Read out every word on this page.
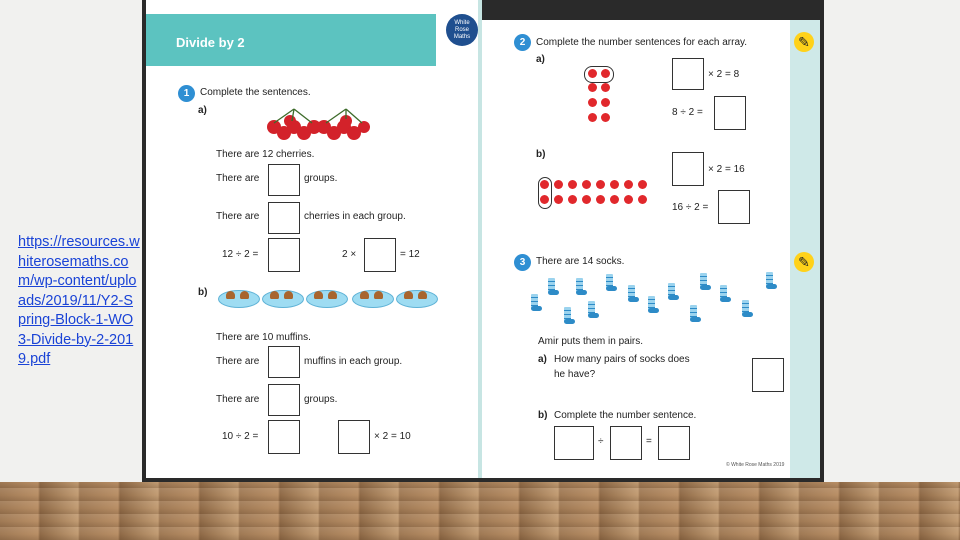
https://resources.whiterosemaths.com/wp-content/uploads/2019/11/Y2-Spring-Block-1-WO3-Divide-by-2-2019.pdf
Divide by 2
White
Rose
Maths
1	Complete the sentences.
a)
There are 12 cherries.
There are	groups.
There are	cherries in each group.
12 ÷ 2 =	2 ×	= 12
b)
There are 10 muffins.
There are	muffins in each group.
There are	groups.
10 ÷ 2 =	× 2 = 10
2	Complete the number sentences for each array.
a)
× 2 = 8
8 ÷ 2 =
b)
× 2 = 16
16 ÷ 2 =
3	There are 14 socks.
Amir puts them in pairs.
a) How many pairs of socks does
he have?
b) Complete the number sentence.
÷	=
© White Rose Maths 2019
✎
✎
